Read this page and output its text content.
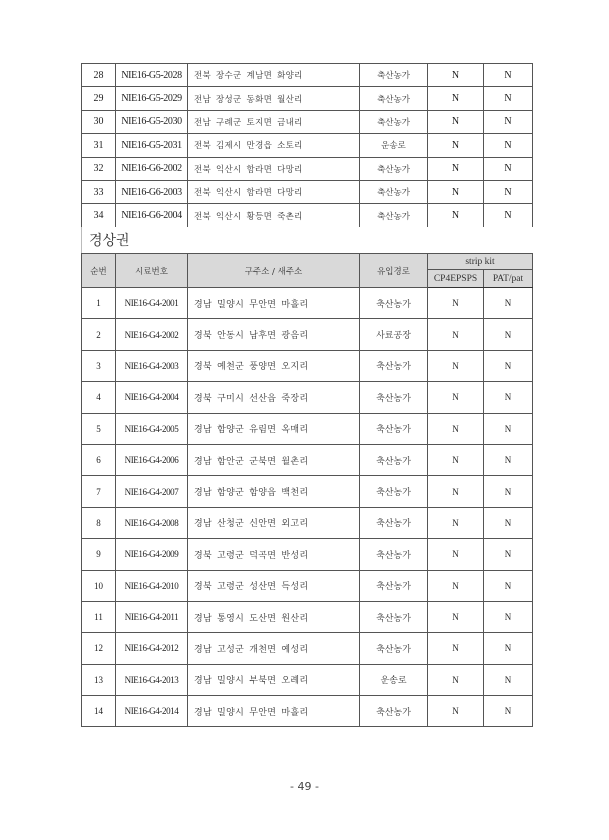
28	NIE16-G5-2028	전북 장수군 계남면 화양리	축산농가	N	N
29	NIE16-G5-2029	전남 장성군 동화면 월산리	축산농가	N	N
30	NIE16-G5-2030	전남 구례군 토지면 금내리	축산농가	N	N
31	NIE16-G5-2031	전북 김제시 만경읍 소토리	운송로	N	N
32	NIE16-G6-2002	전북 익산시 함라면 다망리	축산농가	N	N
33	NIE16-G6-2003	전북 익산시 함라면 다망리	축산농가	N	N
34	NIE16-G6-2004	전북 익산시 황등면 죽촌리	축산농가	N	N
경상권
순번	시료번호	구주소 / 새주소	유입경로	strip kit	
				CP4EPSPS	PAT/pat
1	NIE16-G4-2001	경남 밀양시 무안면 마흘리	축산농가	N	N
2	NIE16-G4-2002	경북 안동시 남후면 광음리	사료공장	N	N
3	NIE16-G4-2003	경북 예천군 풍양면 오지리	축산농가	N	N
4	NIE16-G4-2004	경북 구미시 선산읍 죽장리	축산농가	N	N
5	NIE16-G4-2005	경남 함양군 유림면 옥매리	축산농가	N	N
6	NIE16-G4-2006	경남 함안군 군북면 월촌리	축산농가	N	N
7	NIE16-G4-2007	경남 함양군 함양읍 백천리	축산농가	N	N
8	NIE16-G4-2008	경남 산청군 신안면 외고리	축산농가	N	N
9	NIE16-G4-2009	경북 고령군 덕곡면 반성리	축산농가	N	N
10	NIE16-G4-2010	경북 고령군 성산면 득성리	축산농가	N	N
11	NIE16-G4-2011	경남 통영시 도산면 원산리	축산농가	N	N
12	NIE16-G4-2012	경남 고성군 개천면 예성리	축산농가	N	N
13	NIE16-G4-2013	경남 밀양시 부북면 오례리	운송로	N	N
14	NIE16-G4-2014	경남 밀양시 무안면 마흘리	축산농가	N	N
- 49 -
